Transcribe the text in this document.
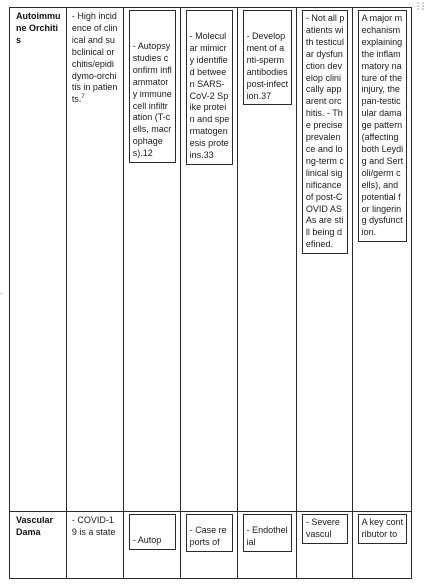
-
Autoimmune Orchitis	- High incidence of clinical and subclinical orchitis/epididymo-orchitis in patients.$^7$	- Autopsy studies confirm inflammatory immune cell infiltration (T-cells, macrophages).12	- Molecular mimicry identified between SARS-CoV-2 Spike protein and spermatogenesis proteins.33	- Development of anti-sperm antibodies post-infection.37	- Not all patients with testicular dysfunction develop clinically apparent orchitis. - The precise prevalence and long-term clinical significance of post-COVID ASAs are still being defined.	A major mechanism explaining the inflammatory nature of the injury, the pan-testicular damage pattern (affecting both Leydig and Sertoli/germ cells), and potential for lingering dysfunction.

Vascular Dama	- COVID-19 is a state	- Autop	- Case reports of	- Endothelial	- Severe vascul	A key contributor to
